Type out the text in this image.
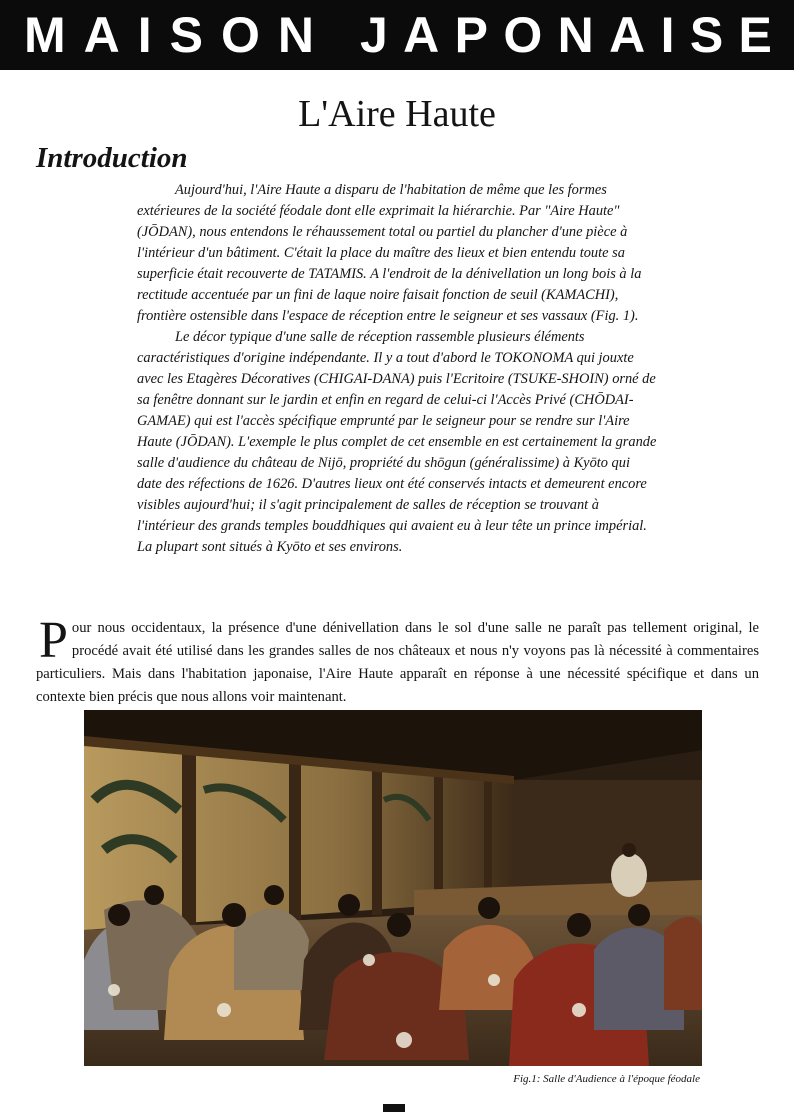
M A I S O N J A P O N A I S E
L'Aire Haute
Introduction

Aujourd'hui, l'Aire Haute a disparu de l'habitation de même que les formes extérieures de la société féodale dont elle exprimait la hiérarchie. Par "Aire Haute" (JŌDAN), nous entendons le réhaussement total ou partiel du plancher d'une pièce à l'intérieur d'un bâtiment. C'était la place du maître des lieux et bien entendu toute sa superficie était recouverte de TATAMIS. A l'endroit de la dénivellation un long bois à la rectitude accentuée par un fini de laque noire faisait fonction de seuil (KAMACHI), frontière ostensible dans l'espace de réception entre le seigneur et ses vassaux (Fig. 1).

Le décor typique d'une salle de réception rassemble plusieurs éléments caractéristiques d'origine indépendante. Il y a tout d'abord le TOKONOMA qui jouxte avec les Etagères Décoratives (CHIGAI-DANA) puis l'Ecritoire (TSUKE-SHOIN) orné de sa fenêtre donnant sur le jardin et enfin en regard de celui-ci l'Accès Privé (CHŌDAI-GAMAE) qui est l'accès spécifique emprunté par le seigneur pour se rendre sur l'Aire Haute (JŌDAN). L'exemple le plus complet de cet ensemble en est certainement la grande salle d'audience du château de Nijō, propriété du shōgun (généralissime) à Kyōto qui date des réfections de 1626. D'autres lieux ont été conservés intacts et demeurent encore visibles aujourd'hui; il s'agit principalement de salles de réception se trouvant à l'intérieur des grands temples bouddhiques qui avaient eu à leur tête un prince impérial. La plupart sont situés à Kyōto et ses environs.

Pour nous occidentaux, la présence d'une dénivellation dans le sol d'une salle ne paraît pas tellement original, le procédé avait été utilisé dans les grandes salles de nos châteaux et nous n'y voyons pas là nécessité à commentaires particuliers. Mais dans l'habitation japonaise, l'Aire Haute apparaît en réponse à une nécessité spécifique et dans un contexte bien précis que nous allons voir maintenant.

Fig.1: Salle d'Audience à l'époque féodale
